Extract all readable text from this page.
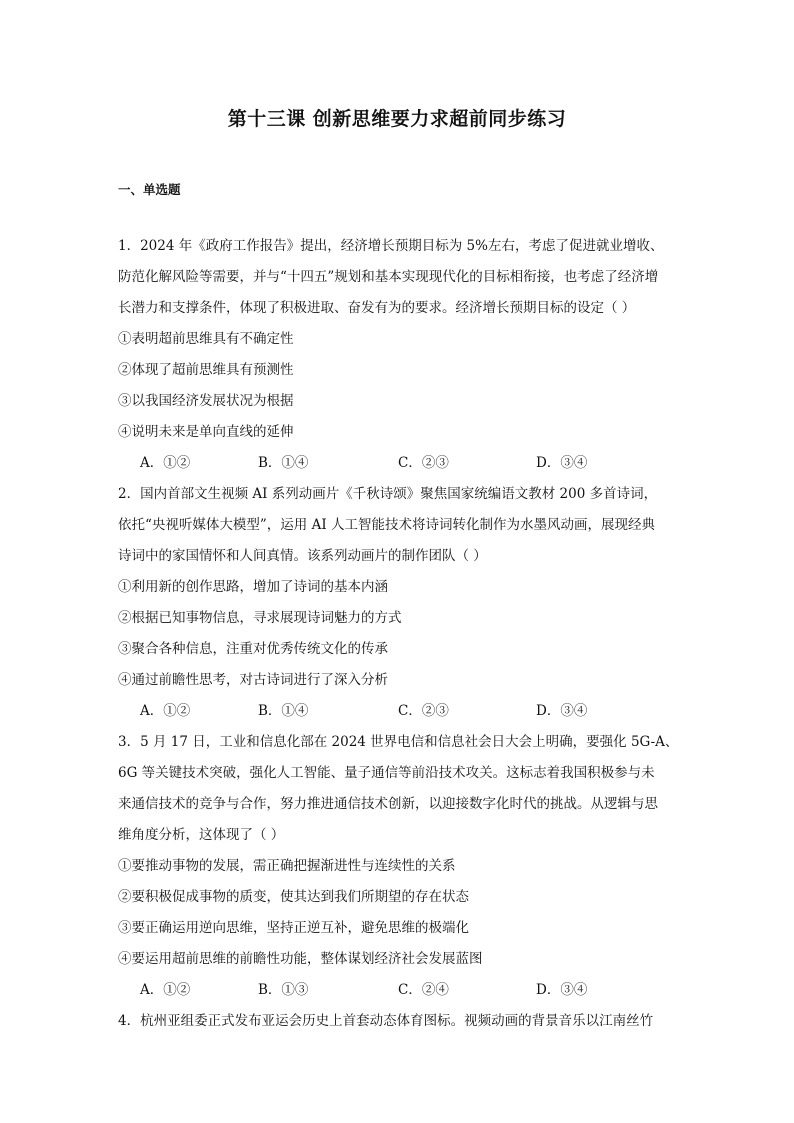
第十三课 创新思维要力求超前同步练习
一、单选题
1．2024 年《政府工作报告》提出，经济增长预期目标为 5%左右，考虑了促进就业增收、
防范化解风险等需要，并与“十四五”规划和基本实现现代化的目标相衔接，也考虑了经济增
长潜力和支撑条件，体现了积极进取、奋发有为的要求。经济增长预期目标的设定（ ）
①表明超前思维具有不确定性
②体现了超前思维具有预测性
③以我国经济发展状况为根据
④说明未来是单向直线的延伸
A．①②	B．①④	C．②③	D．③④
2．国内首部文生视频 AI 系列动画片《千秋诗颂》聚焦国家统编语文教材 200 多首诗词，
依托“央视听媒体大模型”，运用 AI 人工智能技术将诗词转化制作为水墨风动画，展现经典
诗词中的家国情怀和人间真情。该系列动画片的制作团队（ ）
①利用新的创作思路，增加了诗词的基本内涵
②根据已知事物信息，寻求展现诗词魅力的方式
③聚合各种信息，注重对优秀传统文化的传承
④通过前瞻性思考，对古诗词进行了深入分析
A．①②	B．①④	C．②③	D．③④
3．5 月 17 日，工业和信息化部在 2024 世界电信和信息社会日大会上明确，要强化 5G-A、
6G 等关键技术突破，强化人工智能、量子通信等前沿技术攻关。这标志着我国积极参与未
来通信技术的竞争与合作，努力推进通信技术创新，以迎接数字化时代的挑战。从逻辑与思
维角度分析，这体现了（ ）
①要推动事物的发展，需正确把握渐进性与连续性的关系
②要积极促成事物的质变，使其达到我们所期望的存在状态
③要正确运用逆向思维，坚持正逆互补，避免思维的极端化
④要运用超前思维的前瞻性功能，整体谋划经济社会发展蓝图
A．①②	B．①③	C．②④	D．③④
4．杭州亚组委正式发布亚运会历史上首套动态体育图标。视频动画的背景音乐以江南丝竹
